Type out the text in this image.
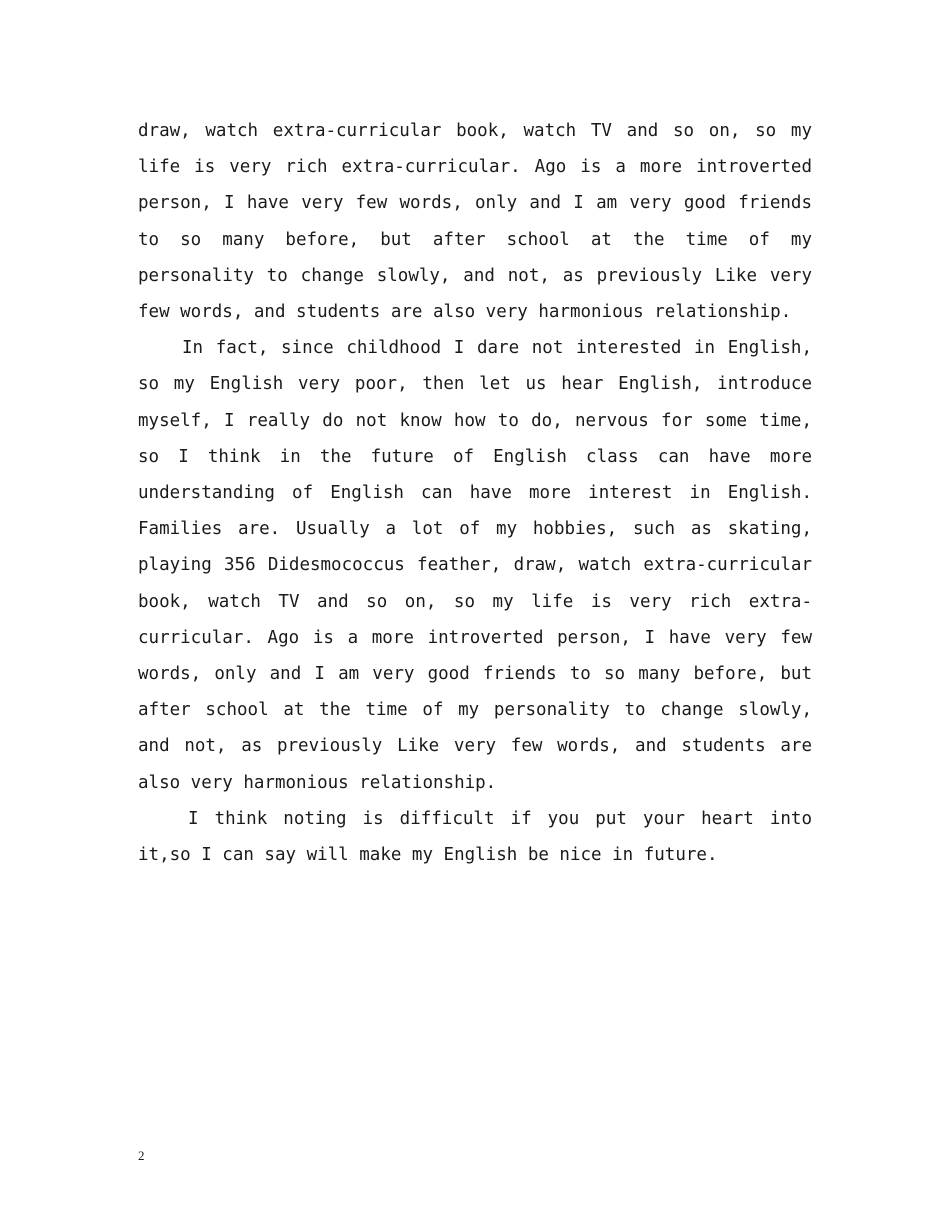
draw, watch extra-curricular book, watch TV and so on, so my life is very rich extra-curricular. Ago is a more introverted person, I have very few words, only and I am very good friends to so many before, but after school at the time of my personality to change slowly, and not, as previously Like very few words, and students are also very harmonious relationship.

In fact, since childhood I dare not interested in English, so my English very poor, then let us hear English, introduce myself, I really do not know how to do, nervous for some time, so I think in the future of English class can have more understanding of English can have more interest in English. Families are. Usually a lot of my hobbies, such as skating, playing 356 Didesmococcus feather, draw, watch extra-curricular book, watch TV and so on, so my life is very rich extra-curricular. Ago is a more introverted person, I have very few words, only and I am very good friends to so many before, but after school at the time of my personality to change slowly, and not, as previously Like very few words, and students are also very harmonious relationship.

I think noting is difficult if you put your heart into it,so I can say will make my English be nice in future.

2
